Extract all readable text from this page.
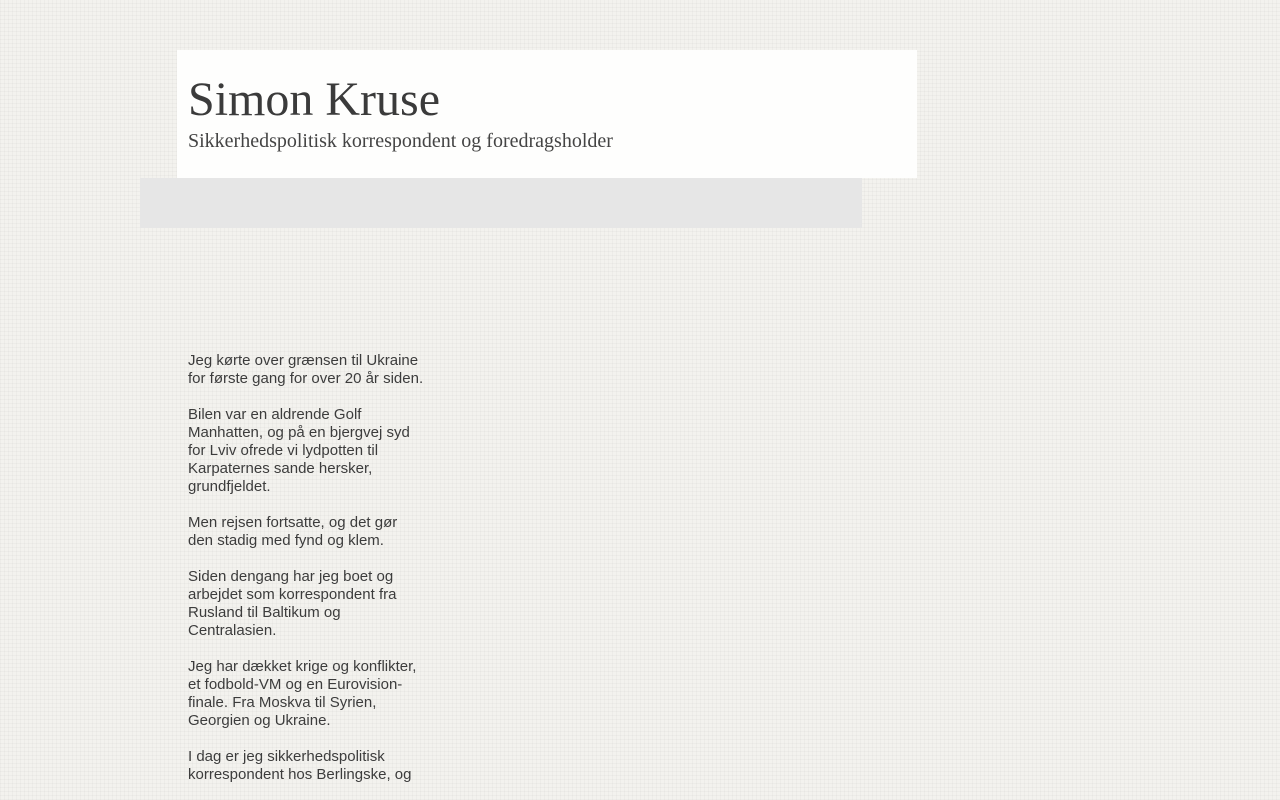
Simon Kruse

Sikkerhedspolitisk korrespondent og foredragsholder

Jeg kørte over grænsen til Ukraine for første gang for over 20 år siden.

Bilen var en aldrende Golf Manhatten, og på en bjergvej syd for Lviv ofrede vi lydpotten til Karpaternes sande hersker, grundfjeldet.

Men rejsen fortsatte, og det gør den stadig med fynd og klem.

Siden dengang har jeg boet og arbejdet som korrespondent fra Rusland til Baltikum og Centralasien.

Jeg har dækket krige og konflikter, et fodbold-VM og en Eurovision-finale. Fra Moskva til Syrien, Georgien og Ukraine.

I dag er jeg sikkerhedspolitisk korrespondent hos Berlingske, og
